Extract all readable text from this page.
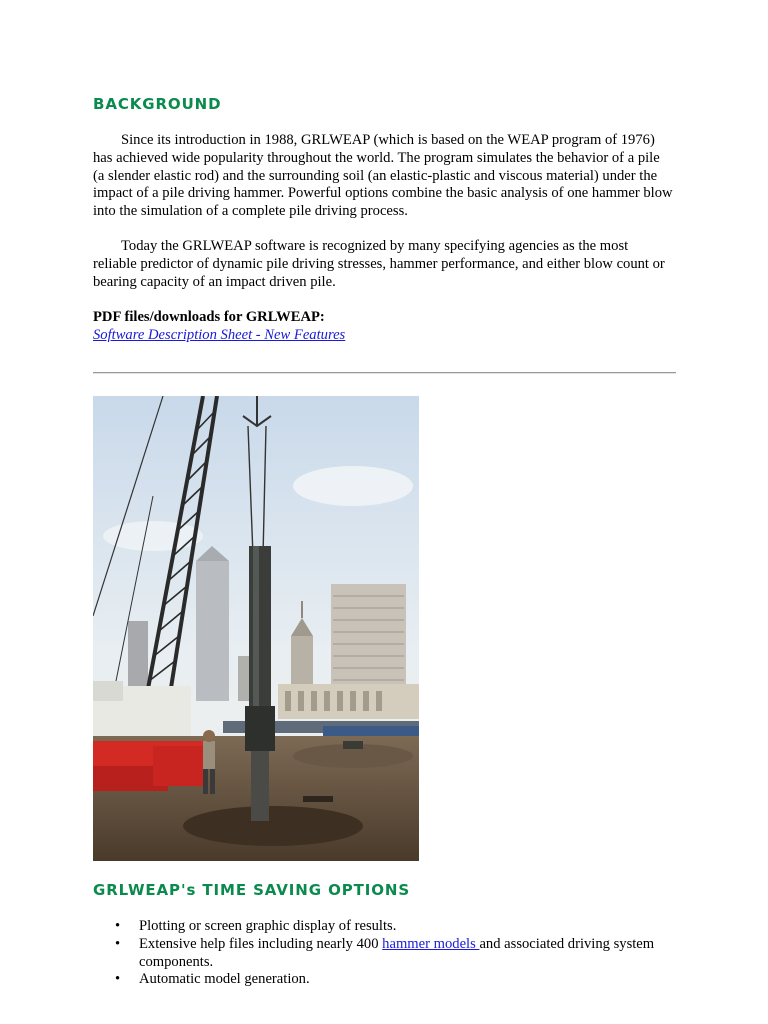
BACKGROUND

Since its introduction in 1988, GRLWEAP (which is based on the WEAP program of 1976) has achieved wide popularity throughout the world. The program simulates the behavior of a pile (a slender elastic rod) and the surrounding soil (an elastic-plastic and viscous material) under the impact of a pile driving hammer. Powerful options combine the basic analysis of one hammer blow into the simulation of a complete pile driving process.

Today the GRLWEAP software is recognized by many specifying agencies as the most reliable predictor of dynamic pile driving stresses, hammer performance, and either blow count or bearing capacity of an impact driven pile.

PDF files/downloads for GRLWEAP:
Software Description Sheet - New Features
GRLWEAP's TIME SAVING OPTIONS
• Plotting or screen graphic display of results.
• Extensive help files including nearly 400 hammer models and associated driving system components.
• Automatic model generation.
